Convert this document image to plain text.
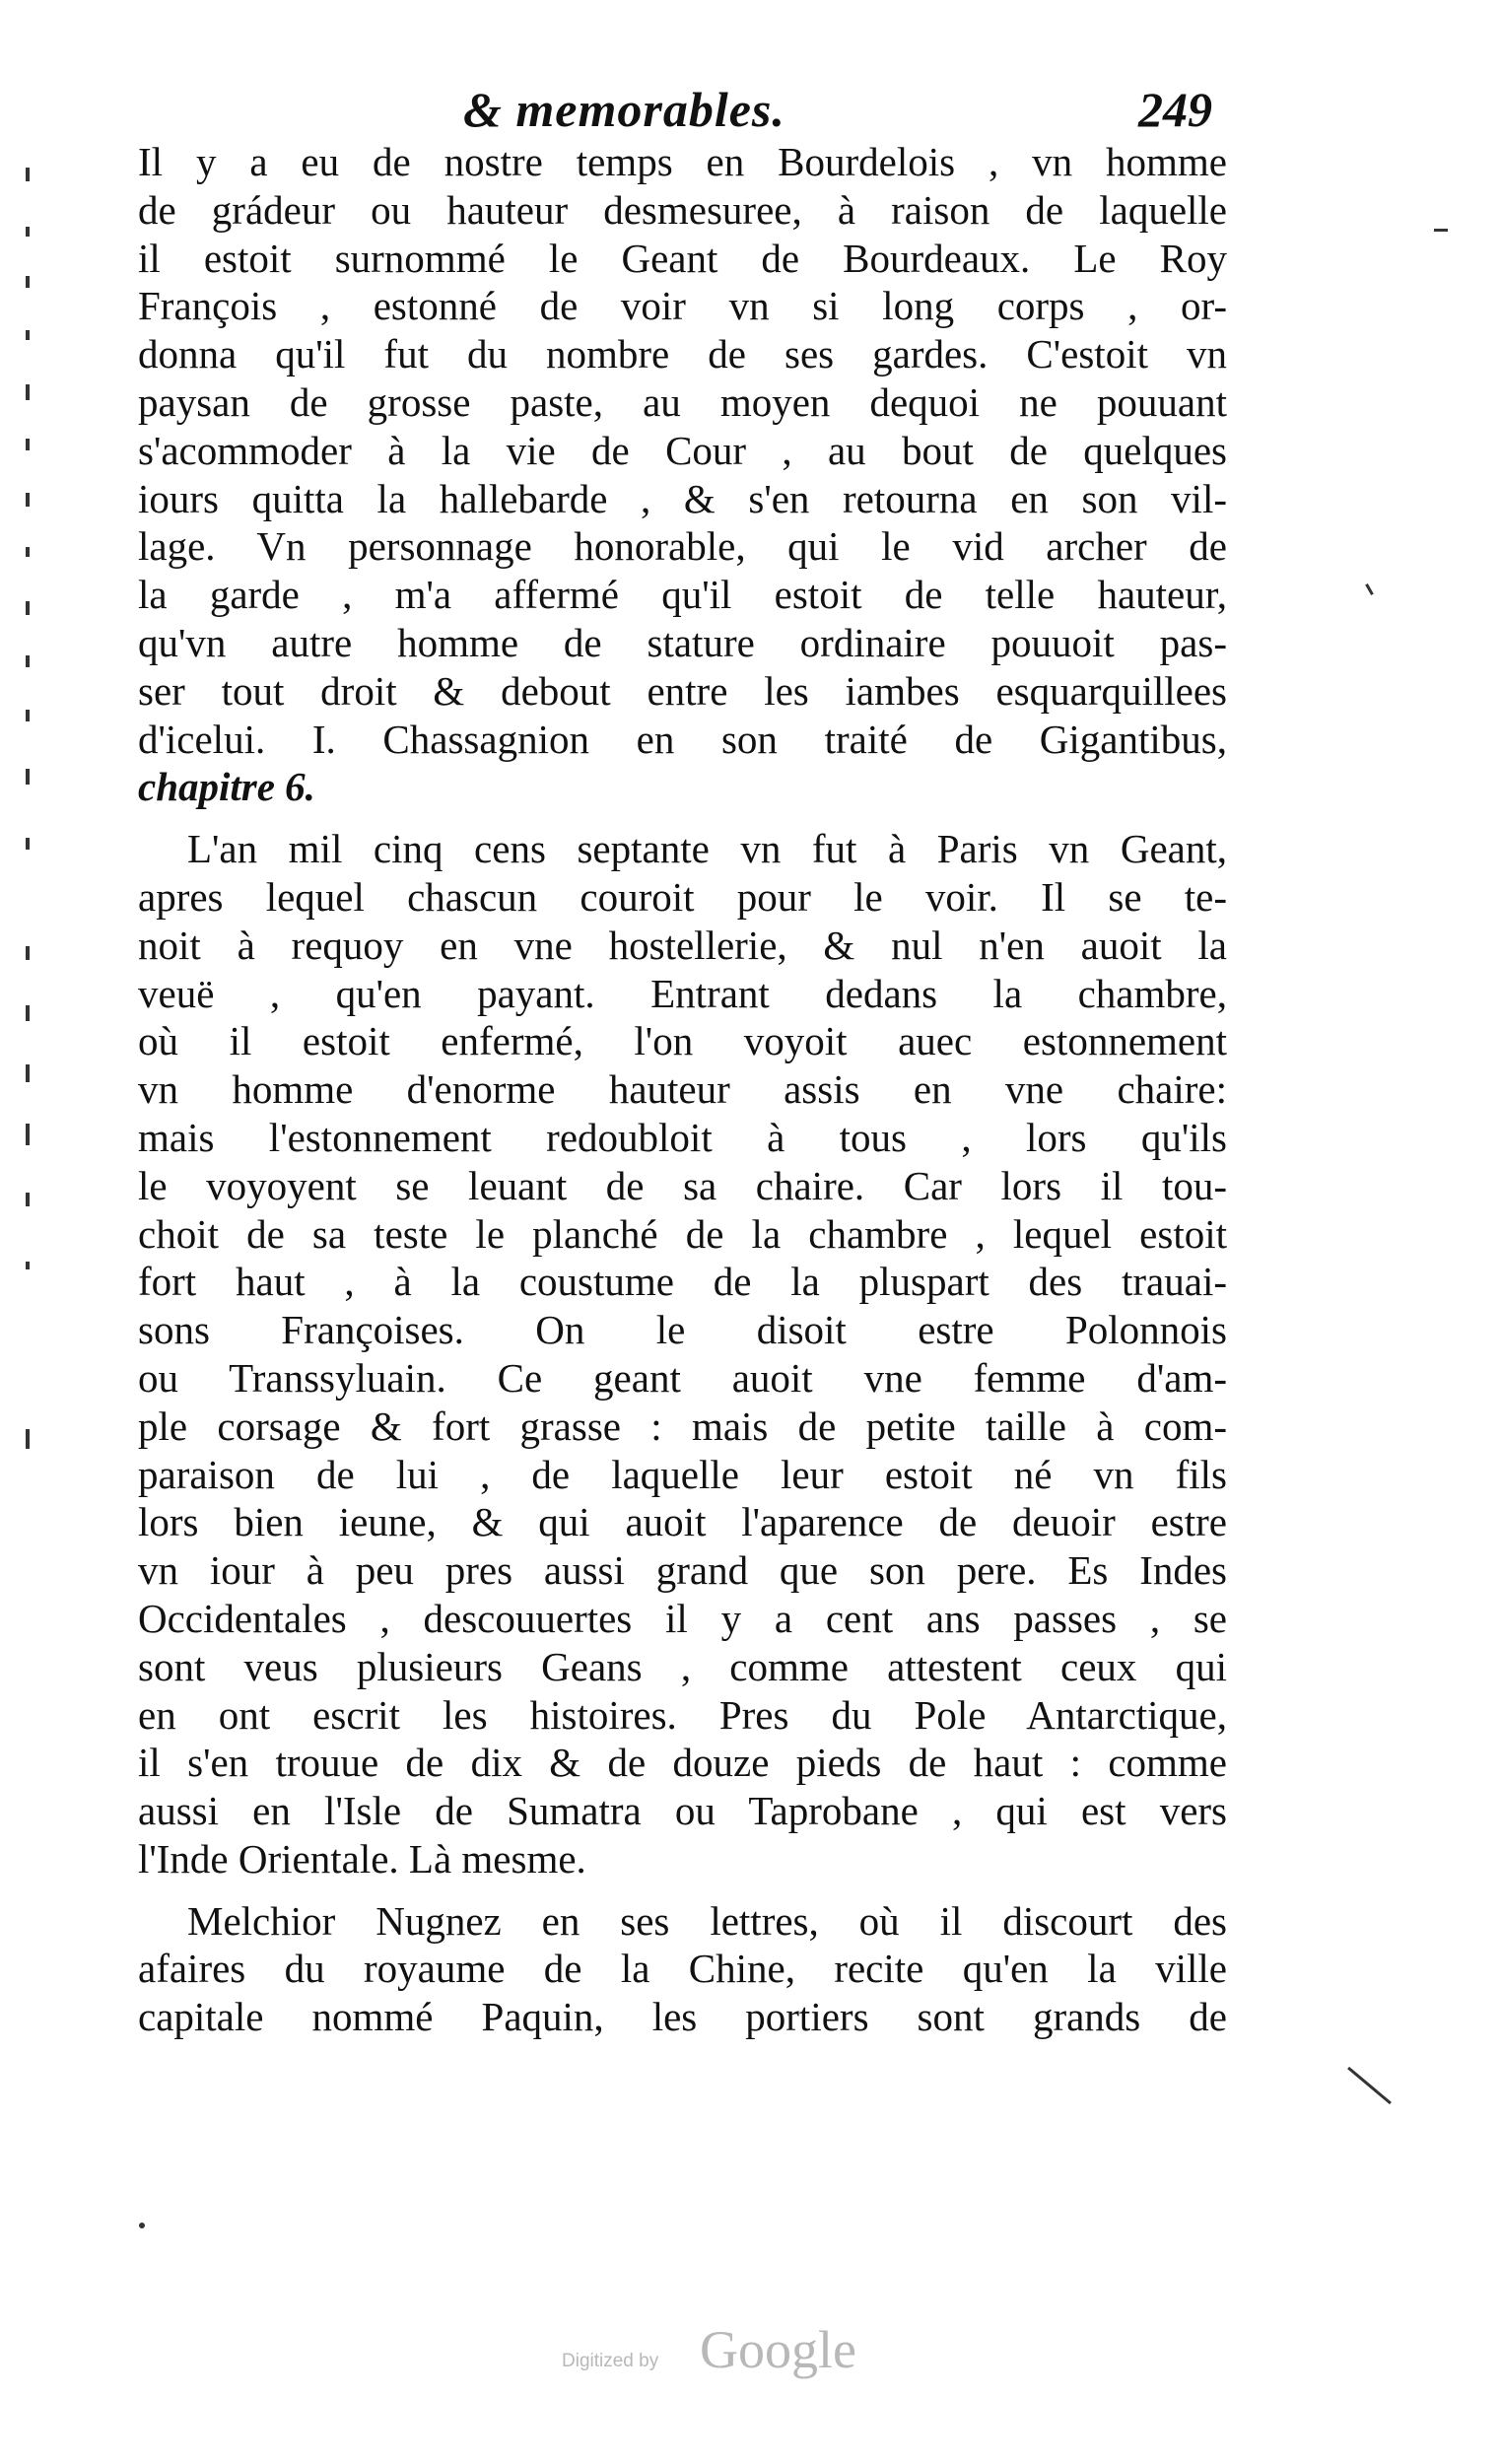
& memorables.	249
Il y a eu de nostre temps en Bourdelois , vn homme
de grádeur ou hauteur desmesuree, à raison de laquelle
il estoit surnommé le Geant de Bourdeaux. Le Roy
François , estonné de voir vn si long corps , or-
donna qu'il fut du nombre de ses gardes. C'estoit vn
paysan de grosse paste, au moyen dequoi ne pouuant
s'acommoder à la vie de Cour , au bout de quelques
iours quitta la hallebarde , & s'en retourna en son vil-
lage. Vn personnage honorable, qui le vid archer de
la garde , m'a affermé qu'il estoit de telle hauteur,
qu'vn autre homme de stature ordinaire pouuoit pas-
ser tout droit & debout entre les iambes esquarquillees
d'icelui. I. Chassagnion en son traité de Gigantibus,
chapitre 6.
L'an mil cinq cens septante vn fut à Paris vn Geant,
apres lequel chascun couroit pour le voir. Il se te-
noit à requoy en vne hostellerie, & nul n'en auoit la
veuë , qu'en payant. Entrant dedans la chambre,
où il estoit enfermé, l'on voyoit auec estonnement
vn homme d'enorme hauteur assis en vne chaire:
mais l'estonnement redoubloit à tous , lors qu'ils
le voyoyent se leuant de sa chaire. Car lors il tou-
choit de sa teste le planché de la chambre , lequel estoit
fort haut , à la coustume de la pluspart des trauai-
sons Françoises. On le disoit estre Polonnois
ou Transsyluain. Ce geant auoit vne femme d'am-
ple corsage & fort grasse : mais de petite taille à com-
paraison de lui , de laquelle leur estoit né vn fils
lors bien ieune, & qui auoit l'aparence de deuoir estre
vn iour à peu pres aussi grand que son pere. Es Indes
Occidentales , descouuertes il y a cent ans passes , se
sont veus plusieurs Geans , comme attestent ceux qui
en ont escrit les histoires. Pres du Pole Antarctique,
il s'en trouue de dix & de douze pieds de haut : comme
aussi en l'Isle de Sumatra ou Taprobane , qui est vers
l'Inde Orientale. Là mesme.
Melchior Nugnez en ses lettres, où il discourt des
afaires du royaume de la Chine, recite qu'en la ville
capitale nommé Paquin, les portiers sont grands de
Digitized by Google
